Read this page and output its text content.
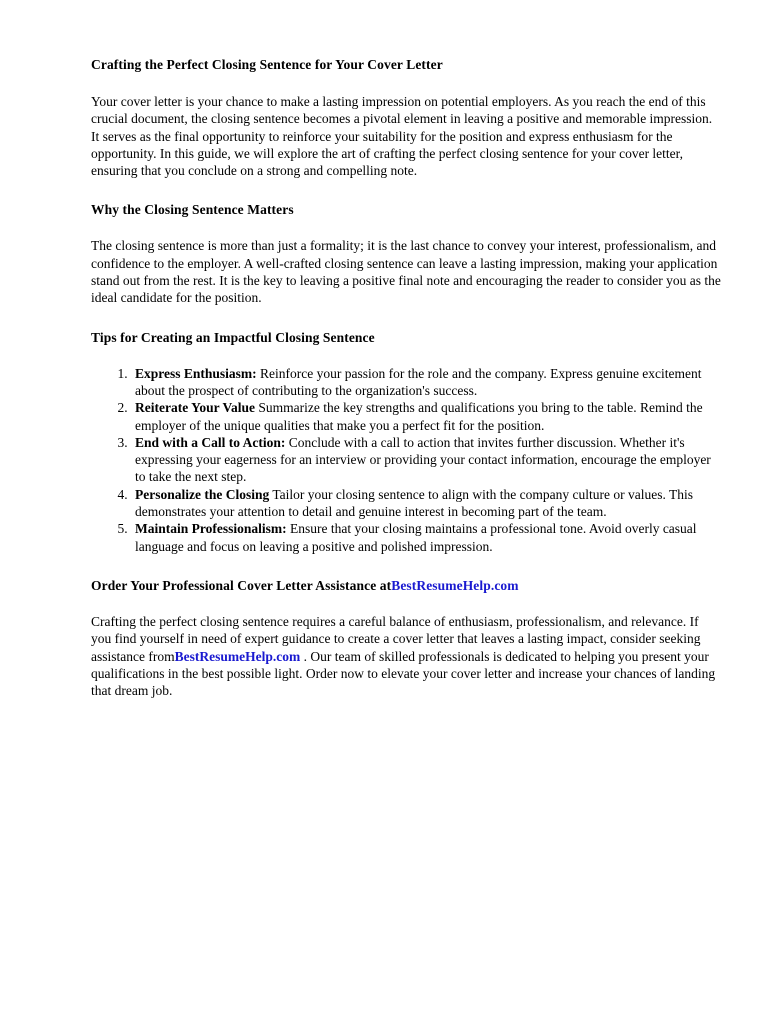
Crafting the Perfect Closing Sentence for Your Cover Letter

Your cover letter is your chance to make a lasting impression on potential employers. As you reach the end of this crucial document, the closing sentence becomes a pivotal element in leaving a positive and memorable impression. It serves as the final opportunity to reinforce your suitability for the position and express enthusiasm for the opportunity. In this guide, we will explore the art of crafting the perfect closing sentence for your cover letter, ensuring that you conclude on a strong and compelling note.

Why the Closing Sentence Matters

The closing sentence is more than just a formality; it is the last chance to convey your interest, professionalism, and confidence to the employer. A well-crafted closing sentence can leave a lasting impression, making your application stand out from the rest. It is the key to leaving a positive final note and encouraging the reader to consider you as the ideal candidate for the position.

Tips for Creating an Impactful Closing Sentence
1. Express Enthusiasm: Reinforce your passion for the role and the company. Express genuine excitement about the prospect of contributing to the organization's success.
2. Reiterate Your Value Summarize the key strengths and qualifications you bring to the table. Remind the employer of the unique qualities that make you a perfect fit for the position.
3. End with a Call to Action: Conclude with a call to action that invites further discussion. Whether it's expressing your eagerness for an interview or providing your contact information, encourage the employer to take the next step.
4. Personalize the Closing Tailor your closing sentence to align with the company culture or values. This demonstrates your attention to detail and genuine interest in becoming part of the team.
5. Maintain Professionalism: Ensure that your closing maintains a professional tone. Avoid overly casual language and focus on leaving a positive and polished impression.
Order Your Professional Cover Letter Assistance atBestResumeHelp.com

Crafting the perfect closing sentence requires a careful balance of enthusiasm, professionalism, and relevance. If you find yourself in need of expert guidance to create a cover letter that leaves a lasting impact, consider seeking assistance fromBestResumeHelp.com . Our team of skilled professionals is dedicated to helping you present your qualifications in the best possible light. Order now to elevate your cover letter and increase your chances of landing that dream job.
